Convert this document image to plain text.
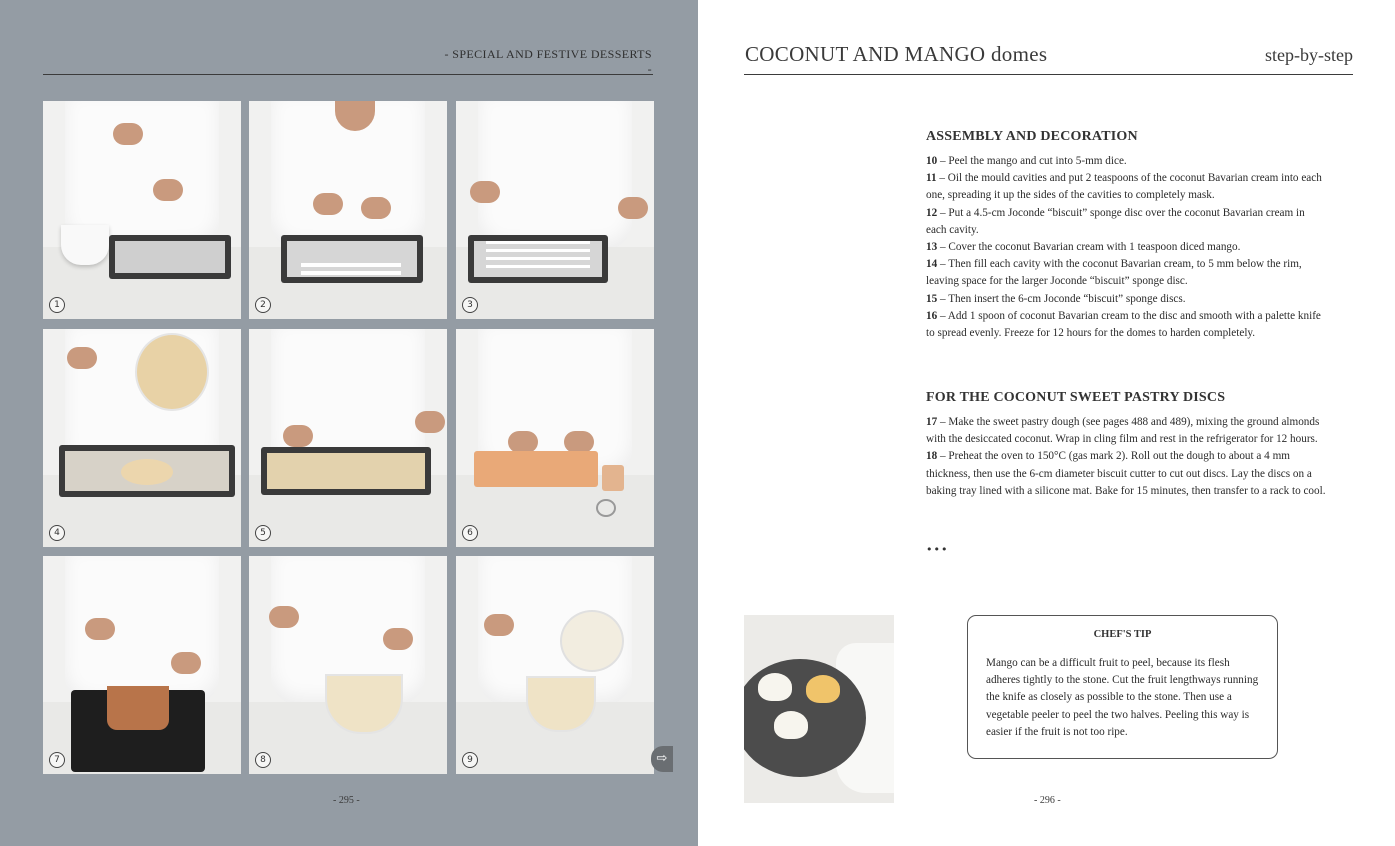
- SPECIAL AND FESTIVE DESSERTS -
1	2	3
4	5	6
7	8	9	⇨
- 295 -
COCONUT AND MANGO domes	step-by-step
ASSEMBLY AND DECORATION

10 – Peel the mango and cut into 5-mm dice.

11 – Oil the mould cavities and put 2 teaspoons of the coconut Bavarian cream into each one, spreading it up the sides of the cavities to completely mask.

12 – Put a 4.5-cm Joconde “biscuit” sponge disc over the coconut Bavarian cream in each cavity.

13 – Cover the coconut Bavarian cream with 1 teaspoon diced mango.

14 – Then fill each cavity with the coconut Bavarian cream, to 5 mm below the rim, leaving space for the larger Joconde “biscuit” sponge disc.

15 – Then insert the 6-cm Joconde “biscuit” sponge discs.

16 – Add 1 spoon of coconut Bavarian cream to the disc and smooth with a palette knife to spread evenly. Freeze for 12 hours for the domes to harden completely.

FOR THE COCONUT SWEET PASTRY DISCS

17 – Make the sweet pastry dough (see pages 488 and 489), mixing the ground almonds with the desiccated coconut. Wrap in cling film and rest in the refrigerator for 12 hours.

18 – Preheat the oven to 150°C (gas mark 2). Roll out the dough to about a 4 mm thickness, then use the 6-cm diameter biscuit cutter to cut out discs. Lay the discs on a baking tray lined with a silicone mat. Bake for 15 minutes, then transfer to a rack to cool.

•••
CHEF'S TIP
Mango can be a difficult fruit to peel, because its flesh adheres tightly to the stone. Cut the fruit lengthways running the knife as closely as possible to the stone. Then use a vegetable peeler to peel the two halves. Peeling this way is easier if the fruit is not too ripe.
- 296 -
